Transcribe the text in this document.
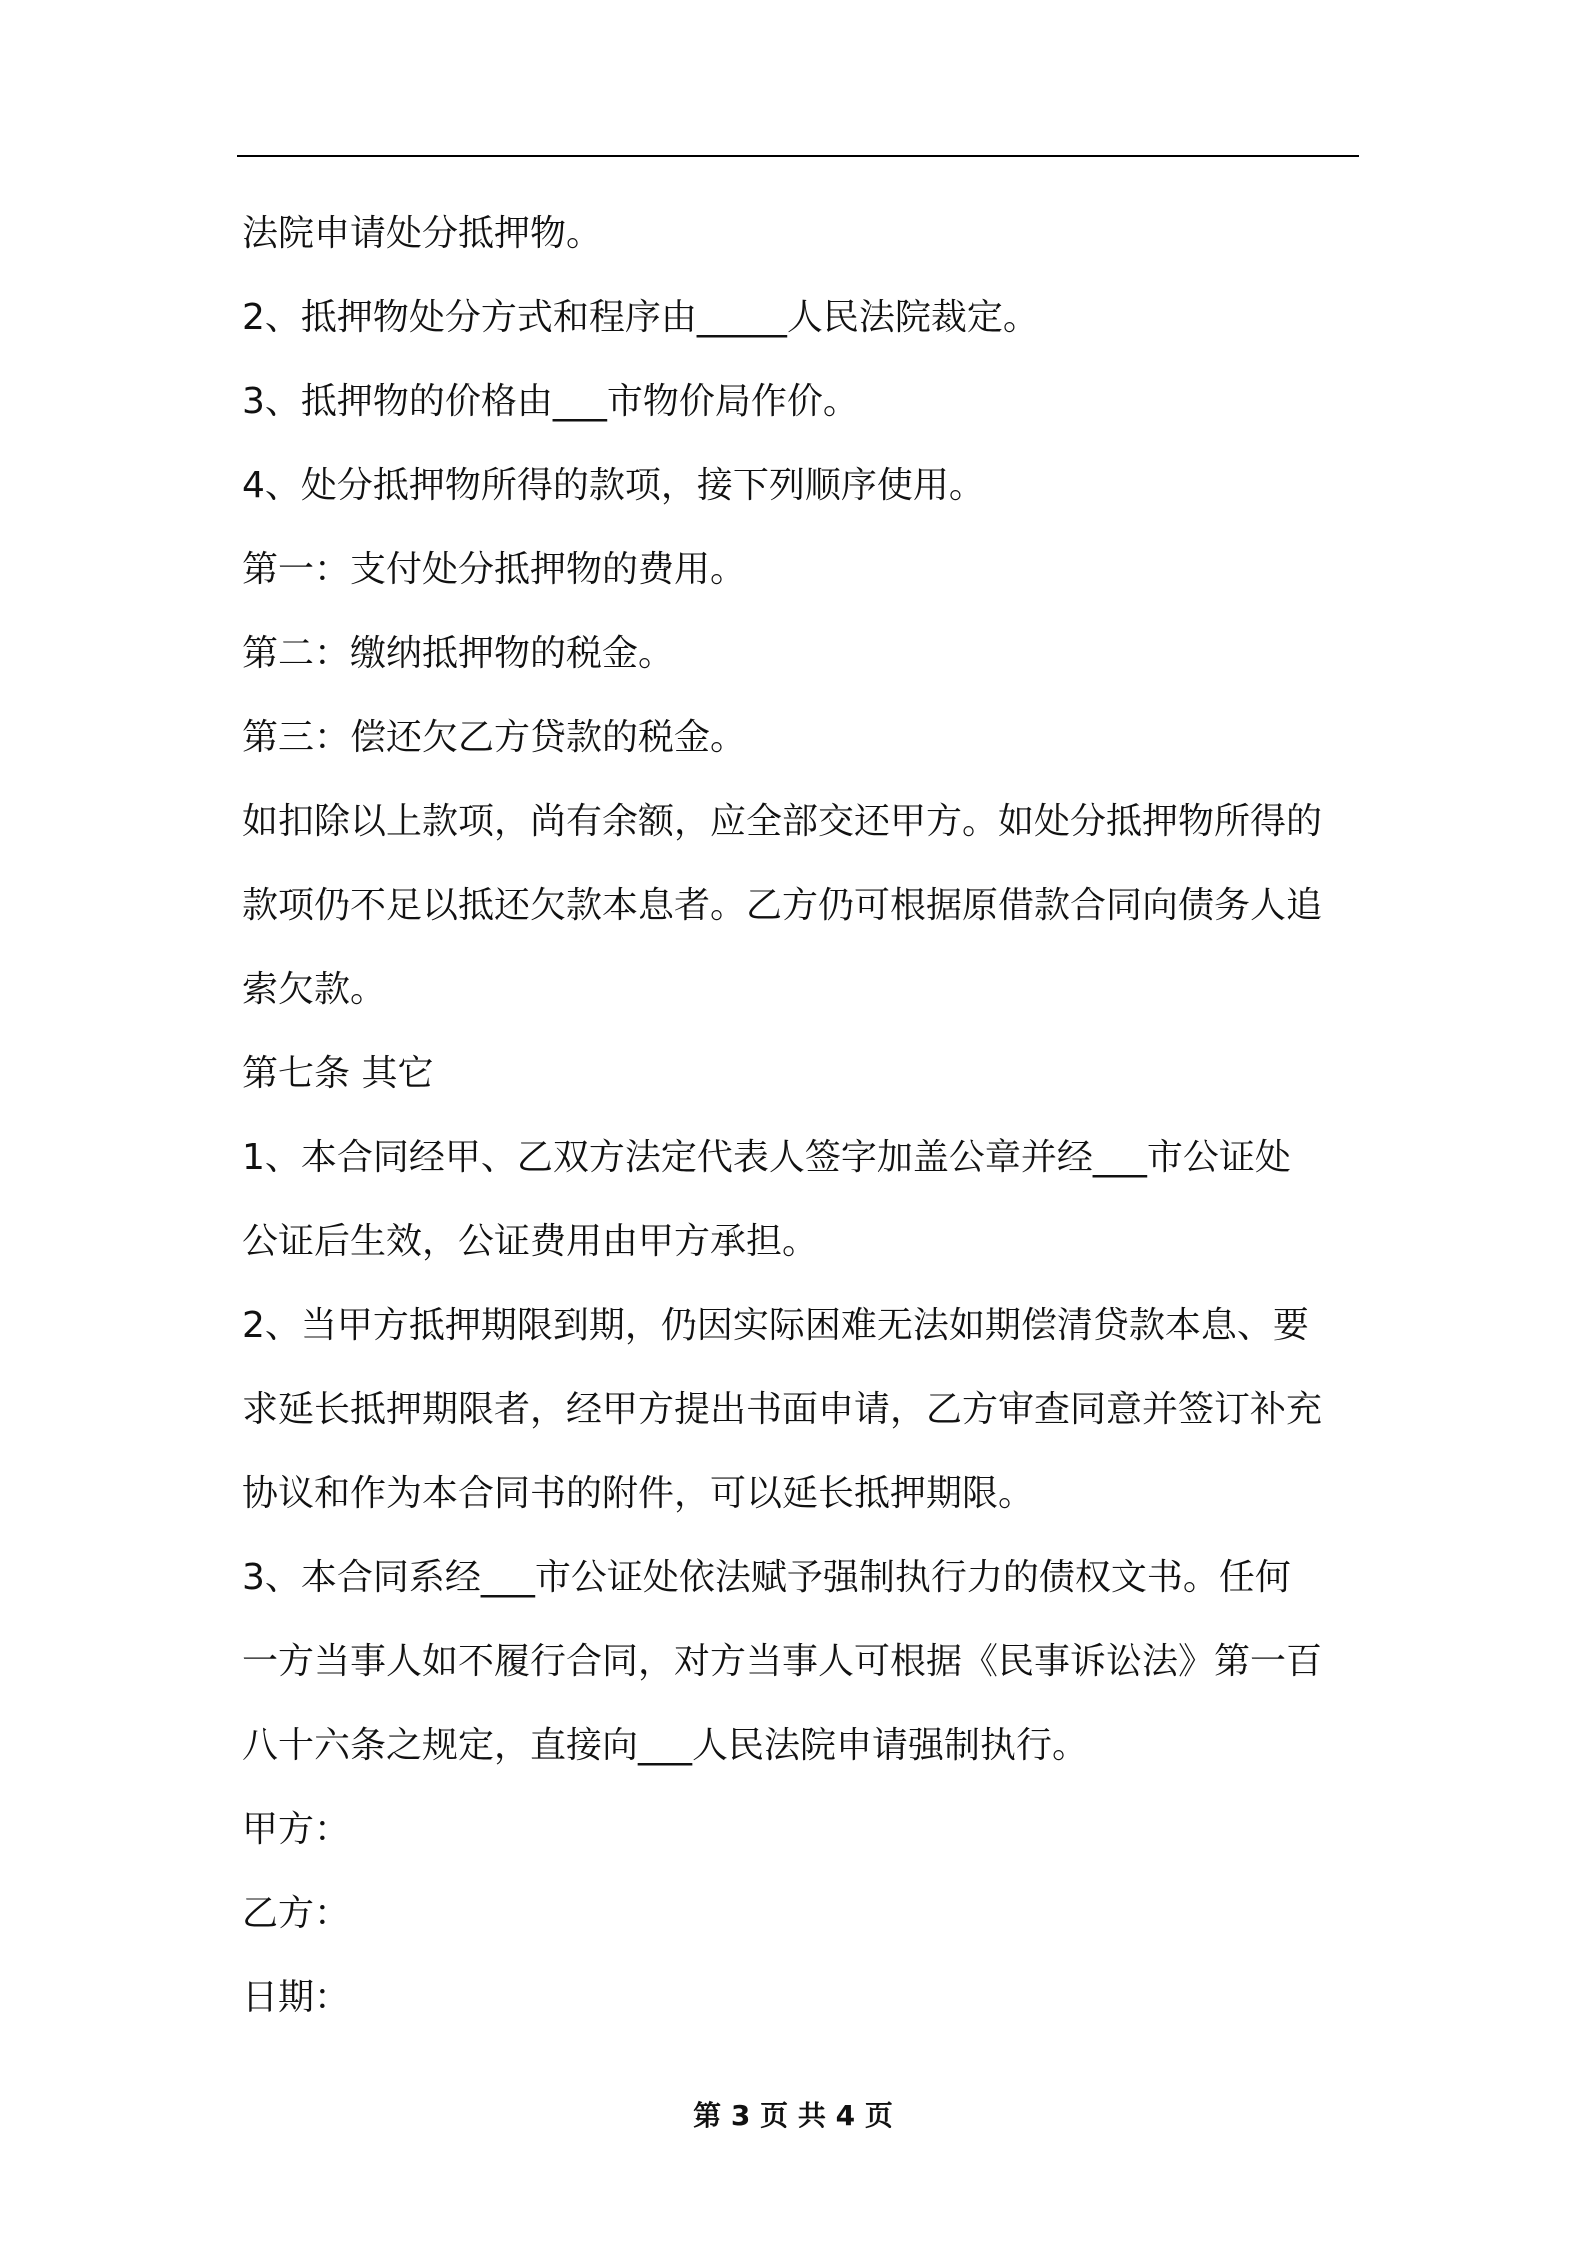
法院申请处分抵押物。
2、抵押物处分方式和程序由_____人民法院裁定。
3、抵押物的价格由___市物价局作价。
4、处分抵押物所得的款项，接下列顺序使用。
第一：支付处分抵押物的费用。
第二：缴纳抵押物的税金。
第三：偿还欠乙方贷款的税金。
如扣除以上款项，尚有余额，应全部交还甲方。如处分抵押物所得的
款项仍不足以抵还欠款本息者。乙方仍可根据原借款合同向债务人追
索欠款。
第七条 其它
1、本合同经甲、乙双方法定代表人签字加盖公章并经___市公证处
公证后生效，公证费用由甲方承担。
2、当甲方抵押期限到期，仍因实际困难无法如期偿清贷款本息、要
求延长抵押期限者，经甲方提出书面申请，乙方审查同意并签订补充
协议和作为本合同书的附件，可以延长抵押期限。
3、本合同系经___市公证处依法赋予强制执行力的债权文书。任何
一方当事人如不履行合同，对方当事人可根据《民事诉讼法》第一百
八十六条之规定，直接向___人民法院申请强制执行。
甲方：
乙方：
日期：
第 3 页 共 4 页
